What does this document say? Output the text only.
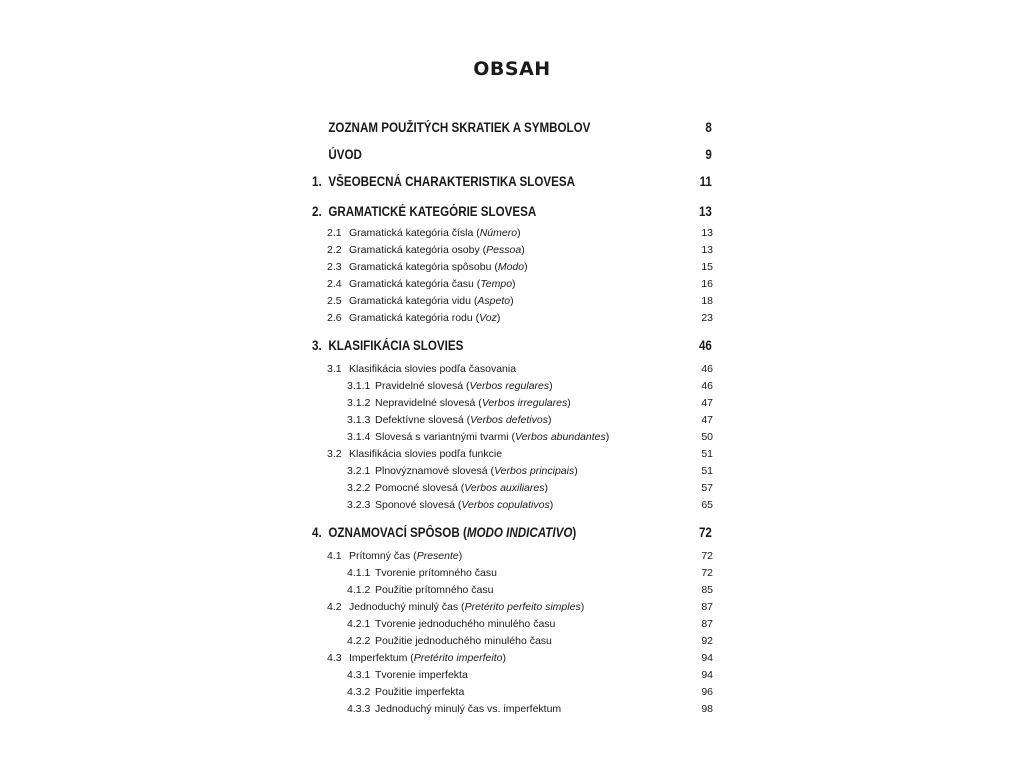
OBSAH
ZOZNAM POUŽITÝCH SKRATIEK A SYMBOLOV	8
ÚVOD	9
1. VŠEOBECNÁ CHARAKTERISTIKA SLOVESA	11
2. GRAMATICKÉ KATEGÓRIE SLOVESA	13
2.1 Gramatická kategória čísla (Número)	13
2.2 Gramatická kategória osoby (Pessoa)	13
2.3 Gramatická kategória spôsobu (Modo)	15
2.4 Gramatická kategória času (Tempo)	16
2.5 Gramatická kategória vidu (Aspeto)	18
2.6 Gramatická kategória rodu (Voz)	23
3. KLASIFIKÁCIA SLOVIES	46
3.1 Klasifikácia slovies podľa časovania	46
3.1.1 Pravidelné slovesá (Verbos regulares)	46
3.1.2 Nepravidelné slovesá (Verbos irregulares)	47
3.1.3 Defektívne slovesá (Verbos defetivos)	47
3.1.4 Slovesá s variantnými tvarmi (Verbos abundantes)	50
3.2 Klasifikácia slovies podľa funkcie	51
3.2.1 Plnovýznamové slovesá (Verbos principais)	51
3.2.2 Pomocné slovesá (Verbos auxiliares)	57
3.2.3 Sponové slovesá (Verbos copulativos)	65
4. OZNAMOVACÍ SPÔSOB (MODO INDICATIVO)	72
4.1 Prítomný čas (Presente)	72
4.1.1 Tvorenie prítomného času	72
4.1.2 Použitie prítomného času	85
4.2 Jednoduchý minulý čas (Pretérito perfeito simples)	87
4.2.1 Tvorenie jednoduchého minulého času	87
4.2.2 Použitie jednoduchého minulého času	92
4.3 Imperfektum (Pretérito imperfeito)	94
4.3.1 Tvorenie imperfekta	94
4.3.2 Použitie imperfekta	96
4.3.3 Jednoduchý minulý čas vs. imperfektum	98
